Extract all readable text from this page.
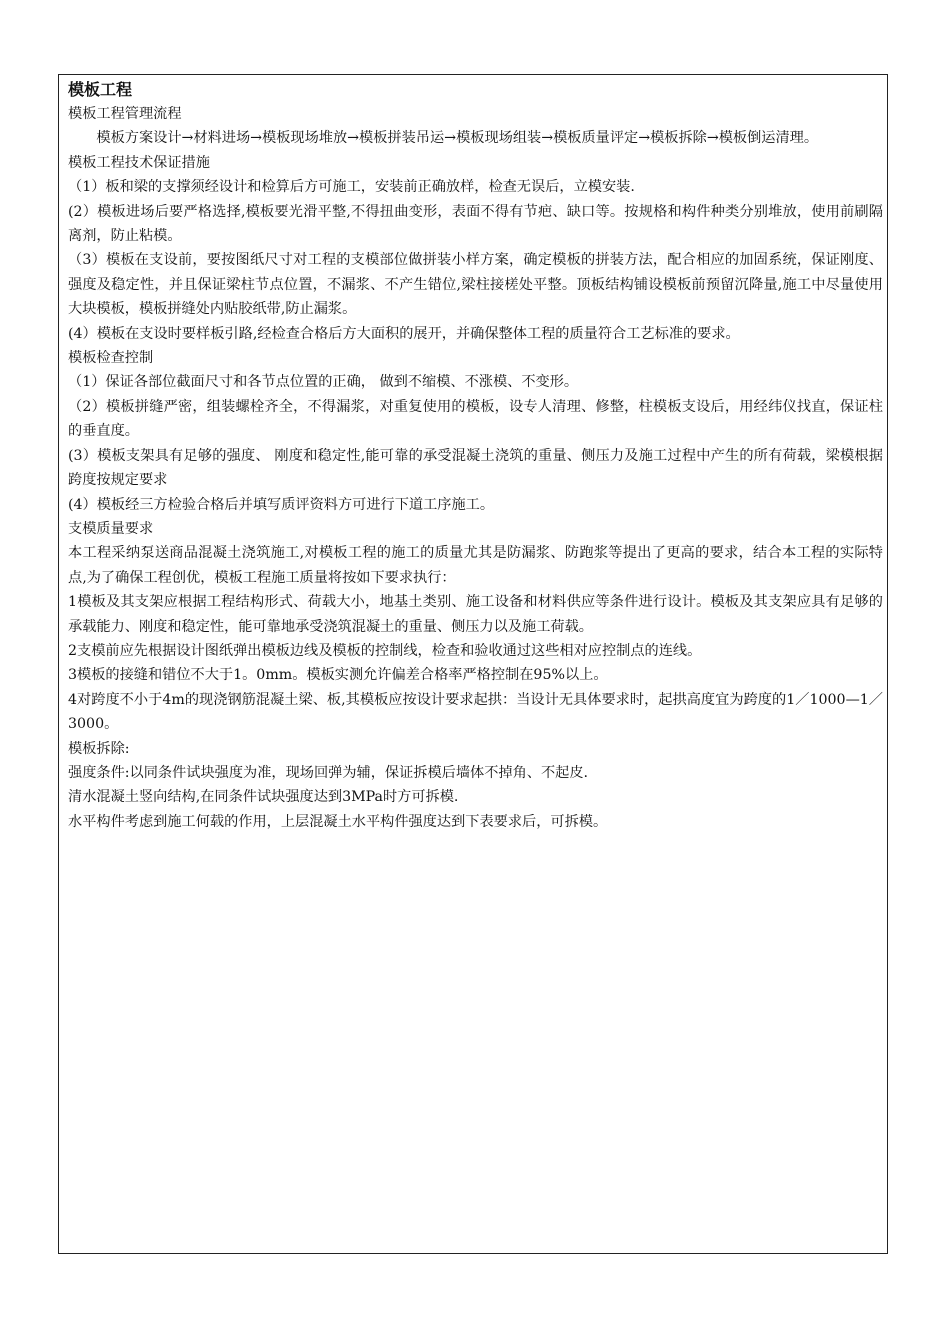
模板工程

模板工程管理流程

模板方案设计→材料进场→模板现场堆放→模板拼装吊运→模板现场组装→模板质量评定→模板拆除→模板倒运清理。

模板工程技术保证措施

（1）板和梁的支撑须经设计和检算后方可施工，安装前正确放样，检查无误后，立模安装.

(2）模板进场后要严格选择,模板要光滑平整,不得扭曲变形，表面不得有节疤、缺口等。按规格和构件种类分别堆放，使用前刷隔离剂，防止粘模。

（3）模板在支设前，要按图纸尺寸对工程的支模部位做拼装小样方案，确定模板的拼装方法，配合相应的加固系统，保证刚度、强度及稳定性，并且保证梁柱节点位置，不漏浆、不产生错位,梁柱接槎处平整。顶板结构铺设模板前预留沉降量,施工中尽量使用大块模板，模板拼缝处内贴胶纸带,防止漏浆。

(4）模板在支设时要样板引路,经检查合格后方大面积的展开，并确保整体工程的质量符合工艺标准的要求。

模板检查控制

（1）保证各部位截面尺寸和各节点位置的正确， 做到不缩模、不涨模、不变形。

（2）模板拼缝严密，组装螺栓齐全，不得漏浆，对重复使用的模板，设专人清理、修整，柱模板支设后，用经纬仪找直，保证柱的垂直度。

(3）模板支架具有足够的强度、 刚度和稳定性,能可靠的承受混凝土浇筑的重量、侧压力及施工过程中产生的所有荷载，梁模根据跨度按规定要求

(4）模板经三方检验合格后并填写质评资料方可进行下道工序施工。

支模质量要求

本工程采纳泵送商品混凝土浇筑施工,对模板工程的施工的质量尤其是防漏浆、防跑浆等提出了更高的要求，结合本工程的实际特点,为了确保工程创优，模板工程施工质量将按如下要求执行：

1模板及其支架应根据工程结构形式、荷载大小，地基土类别、施工设备和材料供应等条件进行设计。模板及其支架应具有足够的承载能力、刚度和稳定性，能可靠地承受浇筑混凝土的重量、侧压力以及施工荷载。

2支模前应先根据设计图纸弹出模板边线及模板的控制线，检查和验收通过这些相对应控制点的连线。

3模板的接缝和错位不大于1。0mm。模板实测允许偏差合格率严格控制在95%以上。

4对跨度不小于4m的现浇钢筋混凝土梁、板,其模板应按设计要求起拱：当设计无具体要求时，起拱高度宜为跨度的1／1000—1／3000。

模板拆除:

强度条件:以同条件试块强度为准，现场回弹为辅，保证拆模后墙体不掉角、不起皮.

清水混凝土竖向结构,在同条件试块强度达到3MPa时方可拆模.

水平构件考虑到施工何载的作用，上层混凝土水平构件强度达到下表要求后，可拆模。
